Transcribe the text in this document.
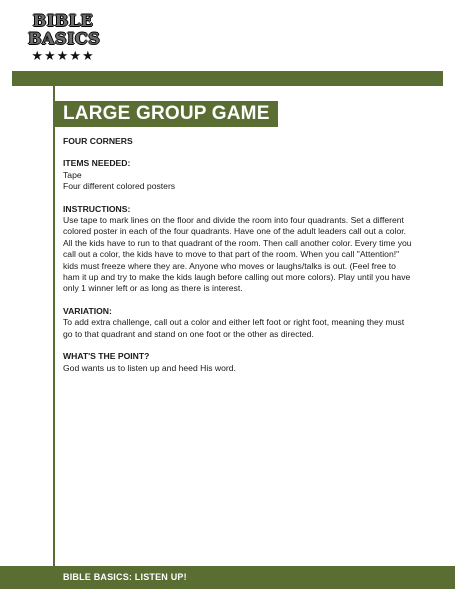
BIBLE
BASICS
★★★★★
LARGE GROUP GAME

FOUR CORNERS

ITEMS NEEDED:

Tape

Four different colored posters

INSTRUCTIONS:

Use tape to mark lines on the floor and divide the room into four quadrants. Set a different colored poster in each of the four quadrants. Have one of the adult leaders call out a color. All the kids have to run to that quadrant of the room. Then call another color. Every time you call out a color, the kids have to move to that part of the room. When you call "Attention!" kids must freeze where they are. Anyone who moves or laughs/talks is out. (Feel free to ham it up and try to make the kids laugh before calling out more colors). Play until you have only 1 winner left or as long as there is interest.

VARIATION:

To add extra challenge, call out a color and either left foot or right foot, meaning they must go to that quadrant and stand on one foot or the other as directed.

WHAT'S THE POINT?

God wants us to listen up and heed His word.

BIBLE BASICS: LISTEN UP!
